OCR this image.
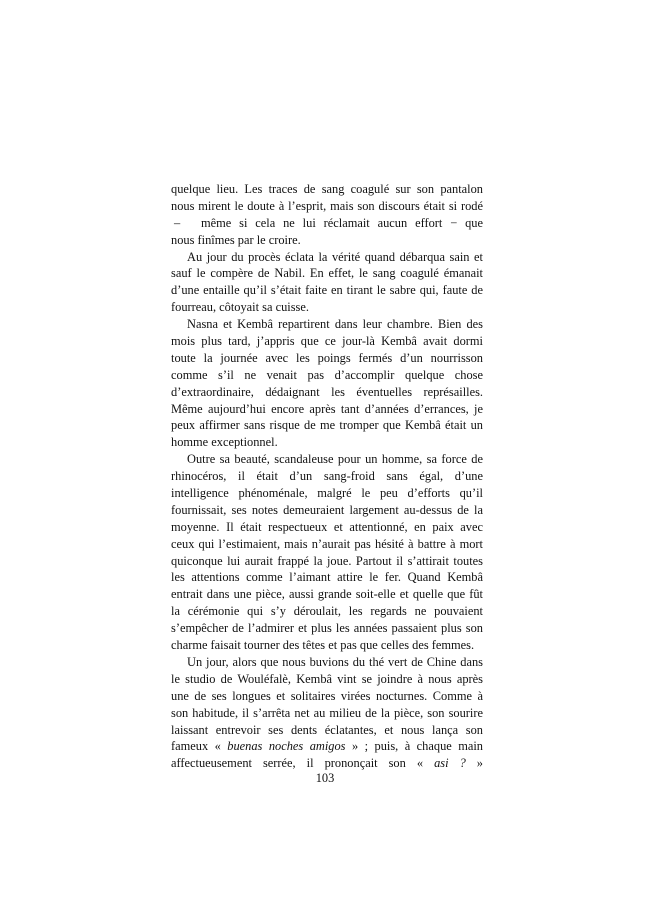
quelque lieu. Les traces de sang coagulé sur son pantalon
nous mirent le doute à l’esprit, mais son discours était si rodé
– même si cela ne lui réclamait aucun effort − que
nous finîmes par le croire.
Au jour du procès éclata la vérité quand débarqua sain et
sauf le compère de Nabil. En effet, le sang coagulé émanait
d’une entaille qu’il s’était faite en tirant le sabre qui, faute de
fourreau, côtoyait sa cuisse.
Nasna et Kembâ repartirent dans leur chambre. Bien des
mois plus tard, j’appris que ce jour-là Kembâ avait dormi
toute la journée avec les poings fermés d’un nourrisson
comme s’il ne venait pas d’accomplir quelque chose
d’extraordinaire, dédaignant les éventuelles représailles.
Même aujourd’hui encore après tant d’années d’errances, je
peux affirmer sans risque de me tromper que Kembâ était un
homme exceptionnel.
Outre sa beauté, scandaleuse pour un homme, sa force de
rhinocéros, il était d’un sang-froid sans égal, d’une
intelligence phénoménale, malgré le peu d’efforts qu’il
fournissait, ses notes demeuraient largement au-dessus de la
moyenne. Il était respectueux et attentionné, en paix avec
ceux qui l’estimaient, mais n’aurait pas hésité à battre à mort
quiconque lui aurait frappé la joue. Partout il s’attirait toutes
les attentions comme l’aimant attire le fer. Quand Kembâ
entrait dans une pièce, aussi grande soit-elle et quelle que fût
la cérémonie qui s’y déroulait, les regards ne pouvaient
s’empêcher de l’admirer et plus les années passaient plus son
charme faisait tourner des têtes et pas que celles des femmes.
Un jour, alors que nous buvions du thé vert de Chine dans
le studio de Wouléfalè, Kembâ vint se joindre à nous après
une de ses longues et solitaires virées nocturnes. Comme à
son habitude, il s’arrêta net au milieu de la pièce, son sourire
laissant entrevoir ses dents éclatantes, et nous lança son
fameux « buenas noches amigos » ; puis, à chaque main
affectueusement serrée, il prononçait son « asi ? »
103
